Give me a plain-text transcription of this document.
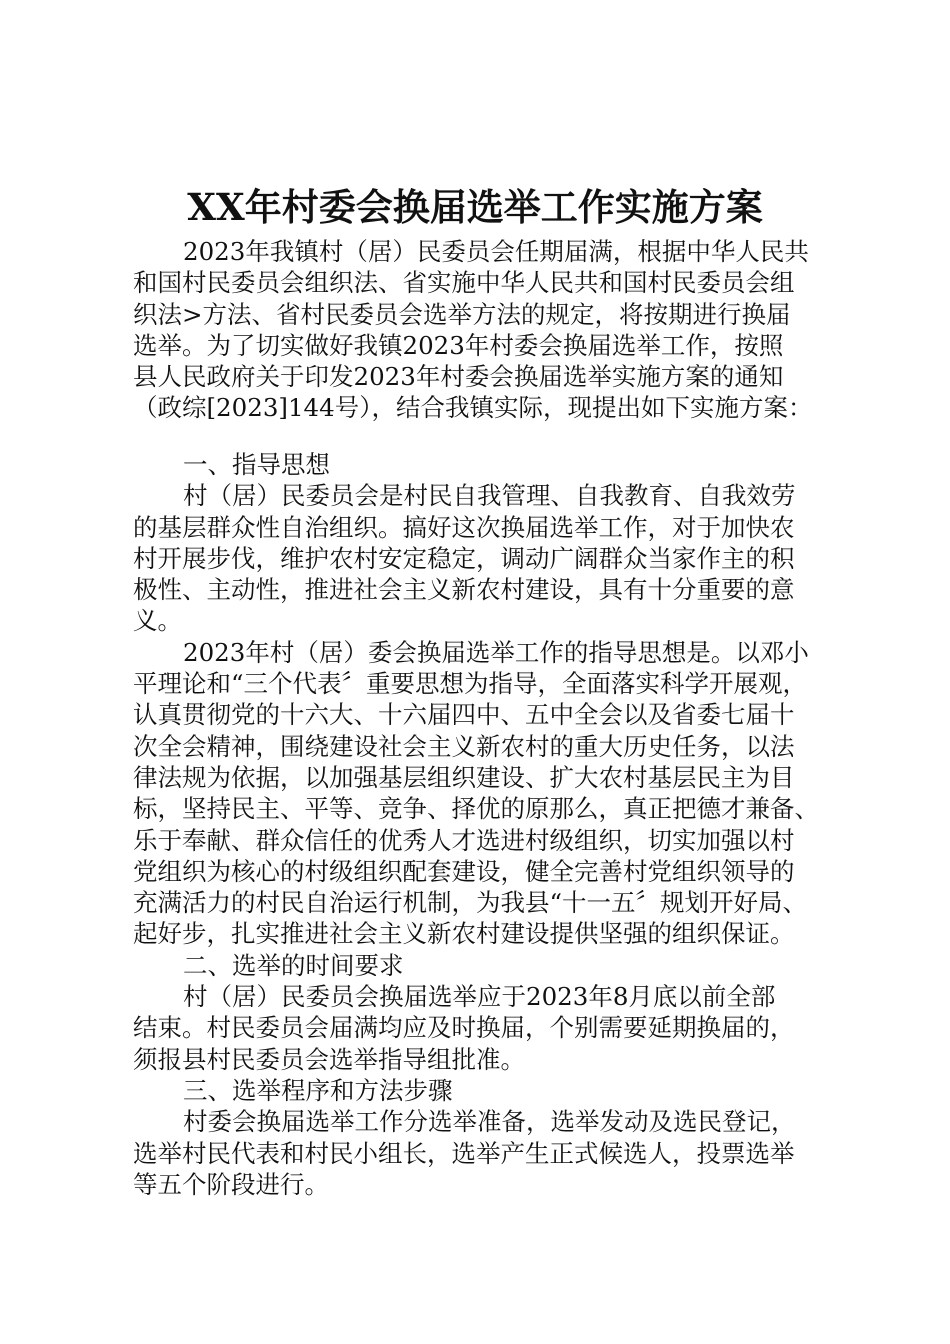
XX年村委会换届选举工作实施方案
2023年我镇村（居）民委员会任期届满，根据中华人民共
和国村民委员会组织法、省实施中华人民共和国村民委员会组
织法>方法、省村民委员会选举方法的规定，将按期进行换届
选举。为了切实做好我镇2023年村委会换届选举工作，按照
县人民政府关于印发2023年村委会换届选举实施方案的通知
（政综[2023]144号），结合我镇实际，现提出如下实施方案：
一、指导思想
村（居）民委员会是村民自我管理、自我教育、自我效劳
的基层群众性自治组织。搞好这次换届选举工作，对于加快农
村开展步伐，维护农村安定稳定，调动广阔群众当家作主的积
极性、主动性，推进社会主义新农村建设，具有十分重要的意
义。
2023年村（居）委会换届选举工作的指导思想是。以邓小
平理论和“三个代表〞重要思想为指导，全面落实科学开展观，
认真贯彻党的十六大、十六届四中、五中全会以及省委七届十
次全会精神，围绕建设社会主义新农村的重大历史任务，以法
律法规为依据，以加强基层组织建设、扩大农村基层民主为目
标，坚持民主、平等、竞争、择优的原那么，真正把德才兼备、
乐于奉献、群众信任的优秀人才选进村级组织，切实加强以村
党组织为核心的村级组织配套建设，健全完善村党组织领导的
充满活力的村民自治运行机制，为我县“十一五〞规划开好局、
起好步，扎实推进社会主义新农村建设提供坚强的组织保证。
二、选举的时间要求
村（居）民委员会换届选举应于2023年8月底以前全部
结束。村民委员会届满均应及时换届，个别需要延期换届的，
须报县村民委员会选举指导组批准。
三、选举程序和方法步骤
村委会换届选举工作分选举准备，选举发动及选民登记，
选举村民代表和村民小组长，选举产生正式候选人，投票选举
等五个阶段进行。
